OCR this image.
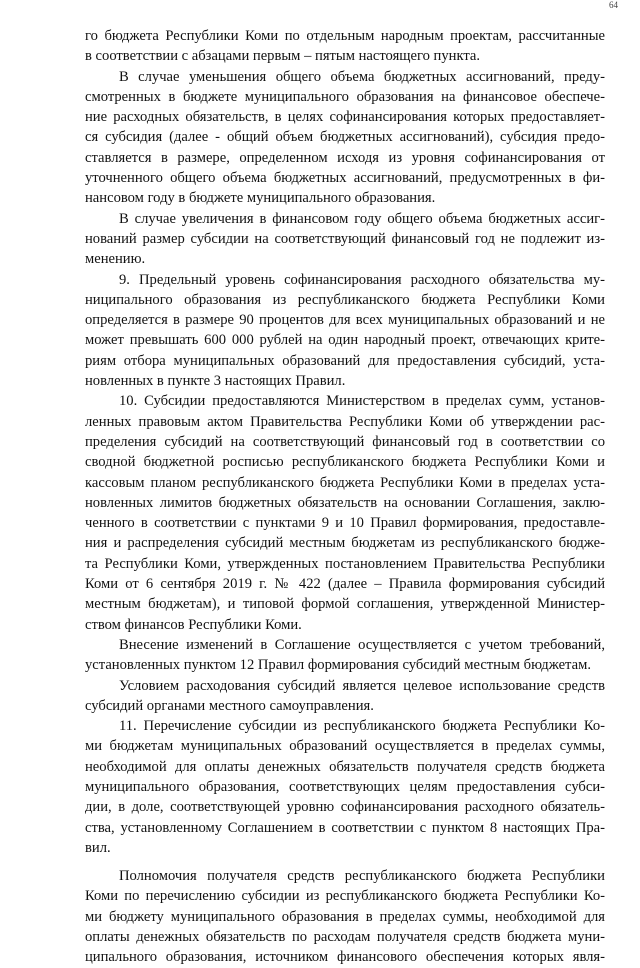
64
го бюджета Республики Коми по отдельным народным проектам, рассчитанные
в соответствии с абзацами первым – пятым настоящего пункта.
В случае уменьшения общего объема бюджетных ассигнований, преду-
смотренных в бюджете муниципального образования на финансовое обеспече-
ние расходных обязательств, в целях софинансирования которых предоставляет-
ся субсидия (далее - общий объем бюджетных ассигнований), субсидия предо-
ставляется в размере, определенном исходя из уровня софинансирования от
уточненного общего объема бюджетных ассигнований, предусмотренных в фи-
нансовом году в бюджете муниципального образования.
В случае увеличения в финансовом году общего объема бюджетных ассиг-
нований размер субсидии на соответствующий финансовый год не подлежит из-
менению.
9. Предельный уровень софинансирования расходного обязательства му-
ниципального образования из республиканского бюджета Республики Коми
определяется в размере 90 процентов для всех муниципальных образований и не
может превышать 600 000 рублей на один народный проект, отвечающих крите-
риям отбора муниципальных образований для предоставления субсидий, уста-
новленных в пункте 3 настоящих Правил.
10. Субсидии предоставляются Министерством в пределах сумм, установ-
ленных правовым актом Правительства Республики Коми об утверждении рас-
пределения субсидий на соответствующий финансовый год в соответствии со
сводной бюджетной росписью республиканского бюджета Республики Коми и
кассовым планом республиканского бюджета Республики Коми в пределах уста-
новленных лимитов бюджетных обязательств на основании Соглашения, заклю-
ченного в соответствии с пунктами 9 и 10 Правил формирования, предоставле-
ния и распределения субсидий местным бюджетам из республиканского бюдже-
та Республики Коми, утвержденных постановлением Правительства Республики
Коми от 6 сентября 2019 г. № 422 (далее – Правила формирования субсидий
местным бюджетам), и типовой формой соглашения, утвержденной Министер-
ством финансов Республики Коми.
Внесение изменений в Соглашение осуществляется с учетом требований,
установленных пунктом 12 Правил формирования субсидий местным бюджетам.
Условием расходования субсидий является целевое использование средств
субсидий органами местного самоуправления.
11. Перечисление субсидии из республиканского бюджета Республики Ко-
ми бюджетам муниципальных образований осуществляется в пределах суммы,
необходимой для оплаты денежных обязательств получателя средств бюджета
муниципального образования, соответствующих целям предоставления субси-
дии, в доле, соответствующей уровню софинансирования расходного обязатель-
ства, установленному Соглашением в соответствии с пунктом 8 настоящих Пра-
вил.
Полномочия получателя средств республиканского бюджета Республики
Коми по перечислению субсидии из республиканского бюджета Республики Ко-
ми бюджету муниципального образования в пределах суммы, необходимой для
оплаты денежных обязательств по расходам получателя средств бюджета муни-
ципального образования, источником финансового обеспечения которых явля-
